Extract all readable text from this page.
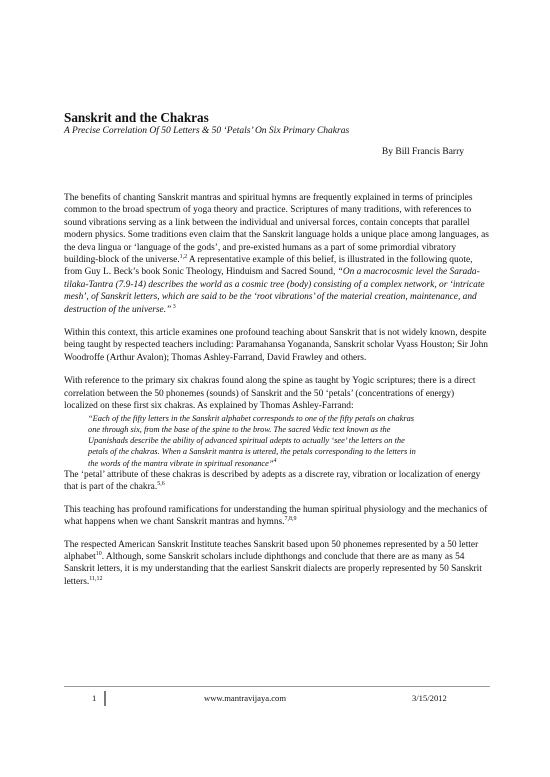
Sanskrit and the Chakras
A Precise Correlation Of 50 Letters & 50 ‘Petals’ On Six Primary Chakras
By Bill Francis Barry

The benefits of chanting Sanskrit mantras and spiritual hymns are frequently explained in terms of principles common to the broad spectrum of yoga theory and practice. Scriptures of many traditions, with references to sound vibrations serving as a link between the individual and universal forces, contain concepts that parallel modern physics. Some traditions even claim that the Sanskrit language holds a unique place among languages, as the deva lingua or ‘language of the gods’, and pre-existed humans as a part of some primordial vibratory building-block of the universe.$^{1,2}$ A representative example of this belief, is illustrated in the following quote, from Guy L. Beck’s book Sonic Theology, Hinduism and Sacred Sound, “On a macrocosmic level the Sarada-tilaka-Tantra (7.9-14) describes the world as a cosmic tree (body) consisting of a complex network, or ‘intricate mesh’, of Sanskrit letters, which are said to be the ‘root vibrations’ of the material creation, maintenance, and destruction of the universe.” $^3$

Within this context, this article examines one profound teaching about Sanskrit that is not widely known, despite being taught by respected teachers including: Paramahansa Yogananda, Sanskrit scholar Vyass Houston; Sir John Woodroffe (Arthur Avalon); Thomas Ashley-Farrand, David Frawley and others.

With reference to the primary six chakras found along the spine as taught by Yogic scriptures; there is a direct correlation between the 50 phonemes (sounds) of Sanskrit and the 50 ‘petals’ (concentrations of energy) localized on these first six chakras. As explained by Thomas Ashley-Farrand:

“Each of the fifty letters in the Sanskrit alphabet corresponds to one of the fifty petals on chakras one through six, from the base of the spine to the brow. The sacred Vedic text known as the Upanishads describe the ability of advanced spiritual adepts to actually ‘see’ the letters on the petals of the chakras. When a Sanskrit mantra is uttered, the petals corresponding to the letters in the words of the mantra vibrate in spiritual resonance”$^4$

The ‘petal’ attribute of these chakras is described by adepts as a discrete ray, vibration or localization of energy that is part of the chakra.$^{5,6}$

This teaching has profound ramifications for understanding the human spiritual physiology and the mechanics of what happens when we chant Sanskrit mantras and hymns.$^{7,8,9}$

The respected American Sanskrit Institute teaches Sanskrit based upon 50 phonemes represented by a 50 letter alphabet$^{10}$. Although, some Sanskrit scholars include diphthongs and conclude that there are as many as 54 Sanskrit letters, it is my understanding that the earliest Sanskrit dialects are properly represented by 50 Sanskrit letters.$^{11,12}$

1	www.mantravijaya.com	3/15/2012
